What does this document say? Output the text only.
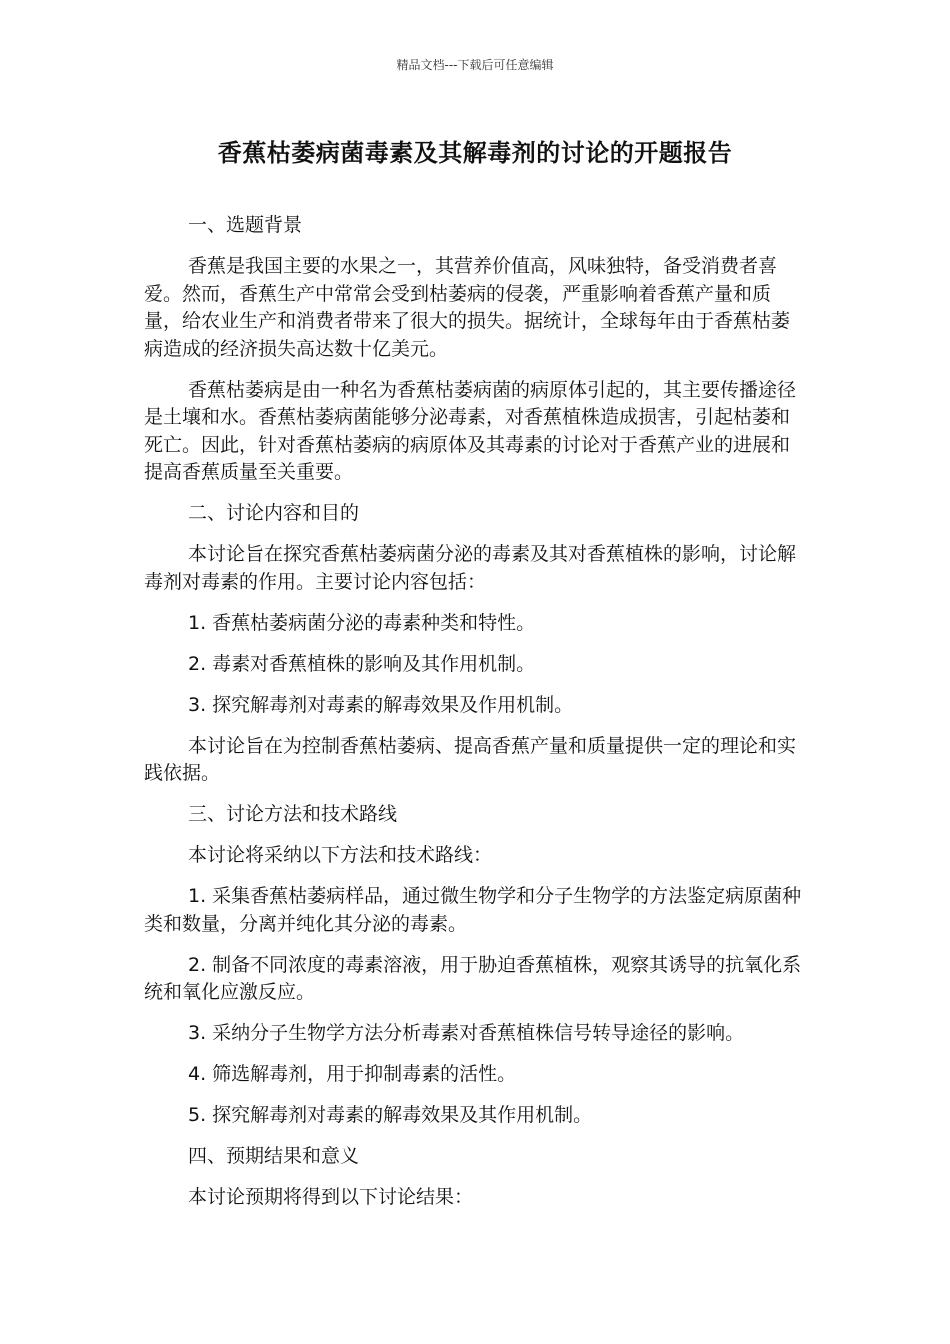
精品文档---下载后可任意编辑
香蕉枯萎病菌毒素及其解毒剂的讨论的开题报告

一、选题背景

香蕉是我国主要的水果之一，其营养价值高，风味独特，备受消费者喜爱。然而，香蕉生产中常常会受到枯萎病的侵袭，严重影响着香蕉产量和质量，给农业生产和消费者带来了很大的损失。据统计，全球每年由于香蕉枯萎病造成的经济损失高达数十亿美元。

香蕉枯萎病是由一种名为香蕉枯萎病菌的病原体引起的，其主要传播途径是土壤和水。香蕉枯萎病菌能够分泌毒素，对香蕉植株造成损害，引起枯萎和死亡。因此，针对香蕉枯萎病的病原体及其毒素的讨论对于香蕉产业的进展和提高香蕉质量至关重要。

二、讨论内容和目的

本讨论旨在探究香蕉枯萎病菌分泌的毒素及其对香蕉植株的影响，讨论解毒剂对毒素的作用。主要讨论内容包括：

1. 香蕉枯萎病菌分泌的毒素种类和特性。

2. 毒素对香蕉植株的影响及其作用机制。

3. 探究解毒剂对毒素的解毒效果及作用机制。

本讨论旨在为控制香蕉枯萎病、提高香蕉产量和质量提供一定的理论和实践依据。

三、讨论方法和技术路线

本讨论将采纳以下方法和技术路线：

1. 采集香蕉枯萎病样品，通过微生物学和分子生物学的方法鉴定病原菌种类和数量，分离并纯化其分泌的毒素。

2. 制备不同浓度的毒素溶液，用于胁迫香蕉植株，观察其诱导的抗氧化系统和氧化应激反应。

3. 采纳分子生物学方法分析毒素对香蕉植株信号转导途径的影响。

4. 筛选解毒剂，用于抑制毒素的活性。

5. 探究解毒剂对毒素的解毒效果及其作用机制。

四、预期结果和意义

本讨论预期将得到以下讨论结果：
